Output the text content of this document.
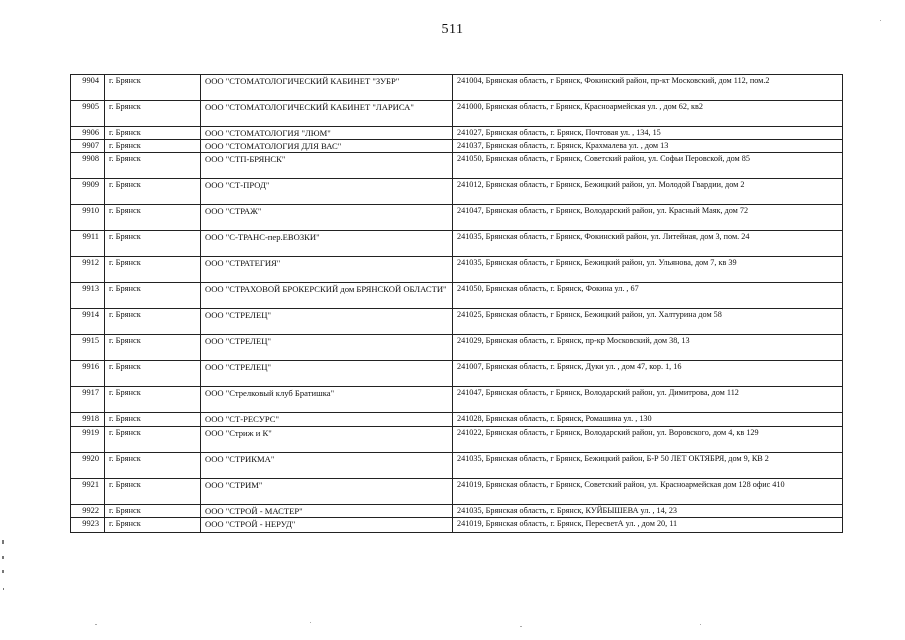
511
9904	г. Брянск	ООО "СТОМАТОЛОГИЧЕСКИЙ КАБИНЕТ "ЗУБР"	241004, Брянская область, г Брянск, Фокинский район, пр-кт Московский, дом 112, пом.2
9905	г. Брянск	ООО "СТОМАТОЛОГИЧЕСКИЙ КАБИНЕТ "ЛАРИСА"	241000, Брянская область, г Брянск, Красноармейская ул. , дом 62, кв2
9906	г. Брянск	ООО "СТОМАТОЛОГИЯ "ЛЮМ"	241027, Брянская область, г. Брянск, Почтовая ул. , 134, 15
9907	г. Брянск	ООО "СТОМАТОЛОГИЯ ДЛЯ ВАС"	241037, Брянская область, г. Брянск, Крахмалева ул. , дом 13
9908	г. Брянск	ООО "СТП-БРЯНСК"	241050, Брянская область, г Брянск, Советский район, ул. Софьи Перовской, дом 85
9909	г. Брянск	ООО "СТ-ПРОД"	241012, Брянская область, г Брянск, Бежицкий район, ул. Молодой Гвардии, дом 2
9910	г. Брянск	ООО "СТРАЖ"	241047, Брянская область, г Брянск, Володарский район, ул. Красный Маяк, дом 72
9911	г. Брянск	ООО "С-ТРАНС-пер.ЕВОЗКИ"	241035, Брянская область, г Брянск, Фокинский район, ул. Литейная, дом 3, пом. 24
9912	г. Брянск	ООО "СТРАТЕГИЯ"	241035, Брянская область, г Брянск, Бежицкий район, ул. Ульянова, дом 7, кв 39
9913	г. Брянск	ООО "СТРАХОВОЙ БРОКЕРСКИЙ дом БРЯНСКОЙ ОБЛАСТИ"	241050, Брянская область, г. Брянск, Фокина ул. , 67
9914	г. Брянск	ООО "СТРЕЛЕЦ"	241025, Брянская область, г Брянск, Бежицкий район, ул. Халтурина дом 58
9915	г. Брянск	ООО "СТРЕЛЕЦ"	241029, Брянская область, г. Брянск, пр-кр Московский, дом 38, 13
9916	г. Брянск	ООО "СТРЕЛЕЦ"	241007, Брянская область, г. Брянск, Дуки ул. , дом 47, кор. 1, 16
9917	г. Брянск	ООО "Стрелковый клуб Братишка"	241047, Брянская область, г Брянск, Володарский район, ул. Димитрова, дом 112
9918	г. Брянск	ООО "СТ-РЕСУРС"	241028, Брянская область, г. Брянск, Ромашина ул. , 130
9919	г. Брянск	ООО "Стриж и К"	241022, Брянская область, г Брянск, Володарский район, ул. Воровского, дом 4, кв 129
9920	г. Брянск	ООО "СТРИКМА"	241035, Брянская область, г Брянск, Бежицкий район, Б-Р 50 ЛЕТ ОКТЯБРЯ, дом 9, КВ 2
9921	г. Брянск	ООО "СТРИМ"	241019, Брянская область, г Брянск, Советский район, ул. Красноармейская дом 128 офис 410
9922	г. Брянск	ООО "СТРОЙ - МАСТЕР"	241035, Брянская область, г. Брянск, КУЙБЫШЕВА ул. , 14, 23
9923	г. Брянск	ООО "СТРОЙ - НЕРУД"	241019, Брянская область, г. Брянск, ПересветА ул. , дом 20, 11
